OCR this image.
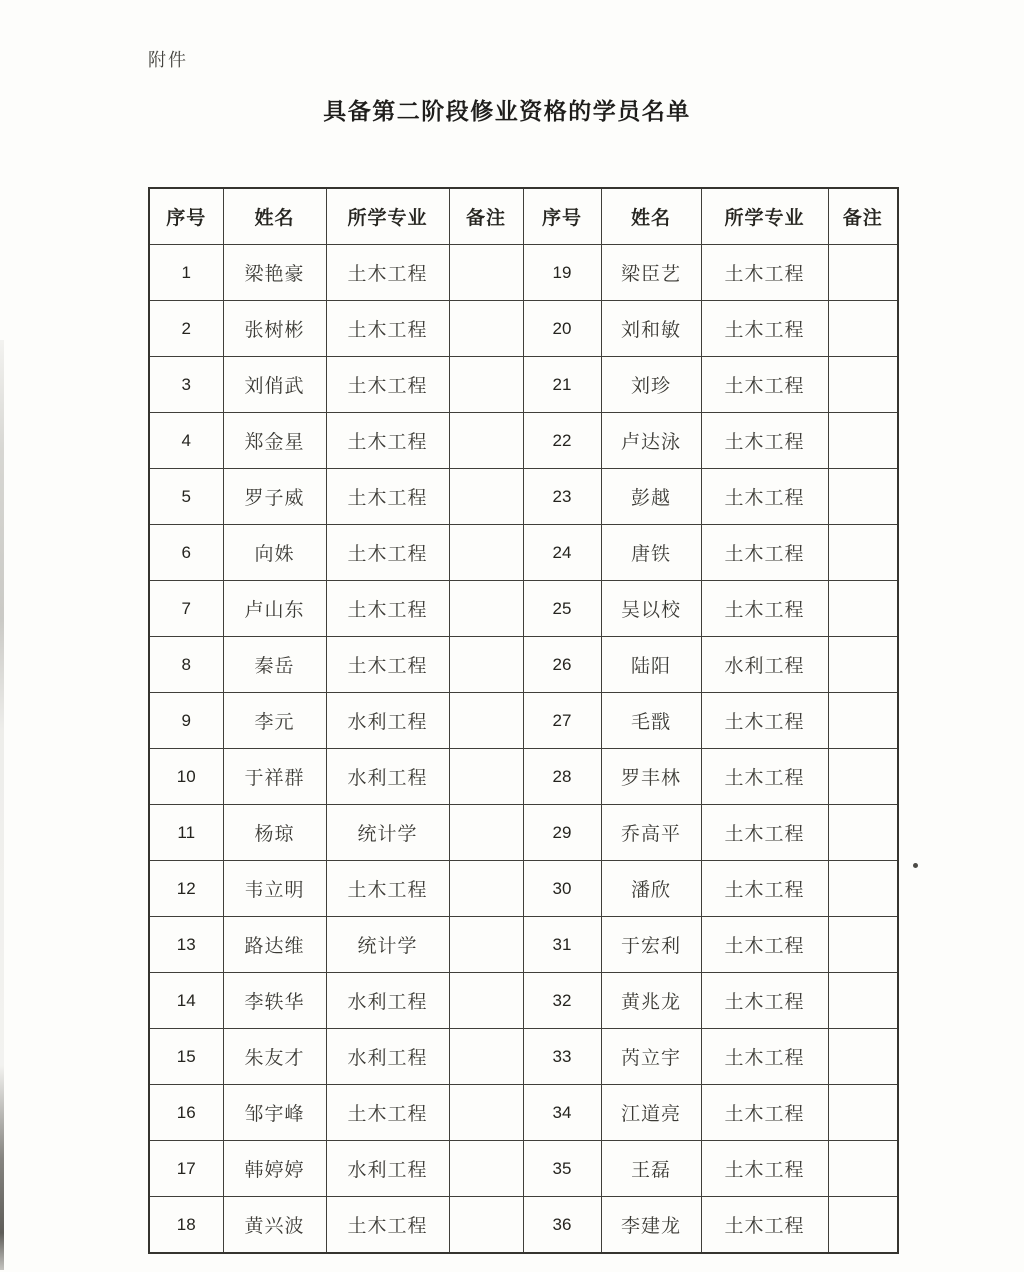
附件
具备第二阶段修业资格的学员名单
序号	姓名	所学专业	备注	序号	姓名	所学专业	备注
1	梁艳豪	土木工程		19	梁臣艺	土木工程	
2	张树彬	土木工程		20	刘和敏	土木工程	
3	刘俏武	土木工程		21	刘珍	土木工程	
4	郑金星	土木工程		22	卢达泳	土木工程	
5	罗子威	土木工程		23	彭越	土木工程	
6	向姝	土木工程		24	唐铁	土木工程	
7	卢山东	土木工程		25	吴以校	土木工程	
8	秦岳	土木工程		26	陆阳	水利工程	
9	李元	水利工程		27	毛戬	土木工程	
10	于祥群	水利工程		28	罗丰林	土木工程	
11	杨琼	统计学		29	乔高平	土木工程	
12	韦立明	土木工程		30	潘欣	土木工程	
13	路达维	统计学		31	于宏利	土木工程	
14	李轶华	水利工程		32	黄兆龙	土木工程	
15	朱友才	水利工程		33	芮立宇	土木工程	
16	邹宇峰	土木工程		34	江道亮	土木工程	
17	韩婷婷	水利工程		35	王磊	土木工程	
18	黄兴波	土木工程		36	李建龙	土木工程	
